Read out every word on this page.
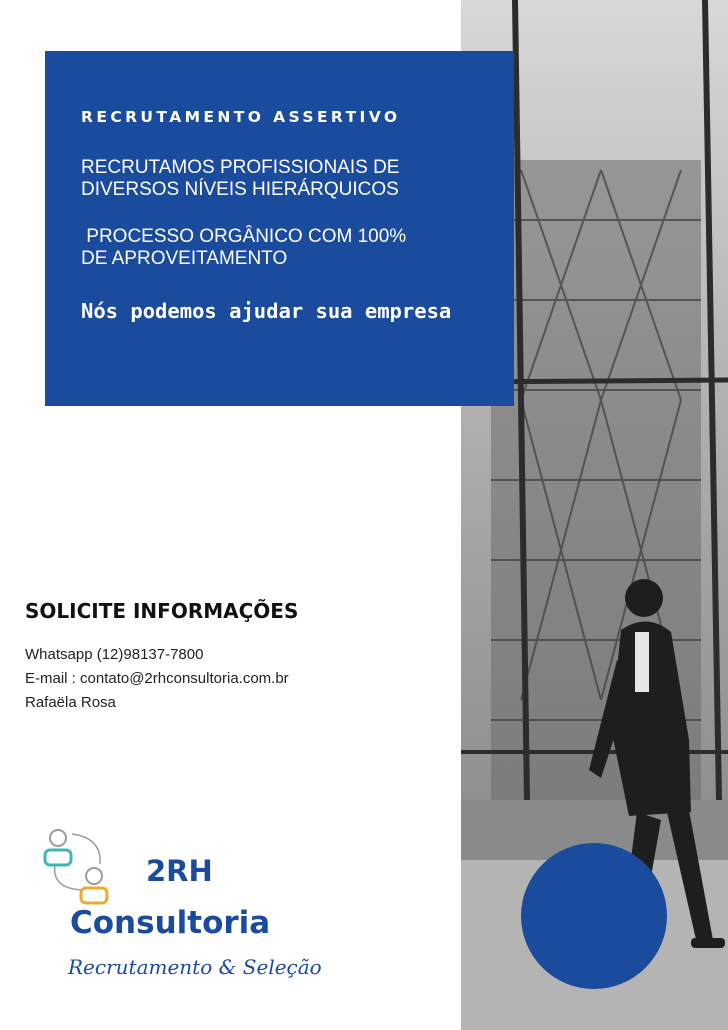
RECRUTAMENTO ASSERTIVO
RECRUTAMOS PROFISSIONAIS DE
DIVERSOS NÍVEIS HIERÁRQUICOS
PROCESSO ORGÂNICO COM 100%
DE APROVEITAMENTO
Nós podemos ajudar sua empresa
SOLICITE INFORMAÇÕES
Whatsapp (12)98137-7800
E-mail : contato@2rhconsultoria.com.br
Rafaëla Rosa
2RH
Consultoria
Recrutamento & Seleção
